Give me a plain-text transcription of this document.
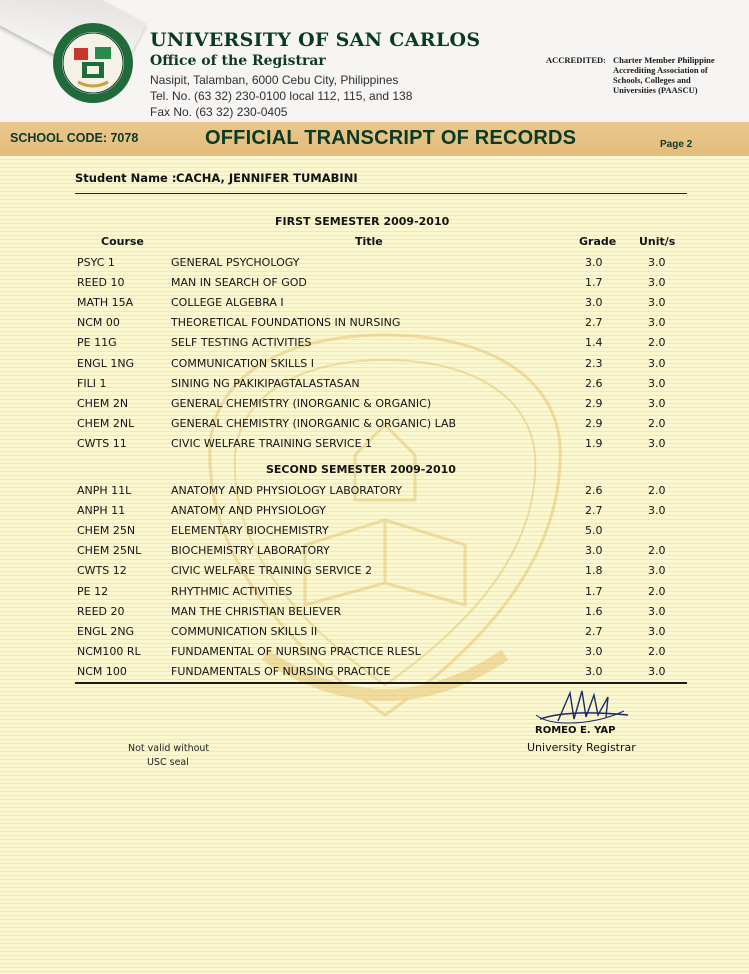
UNIVERSITY OF SAN CARLOS
Office of the Registrar
Nasipit, Talamban, 6000 Cebu City, Philippines
Tel. No. (63 32) 230-0100 local 112, 115, and 138
Fax No. (63 32) 230-0405
ACCREDITED: Charter Member Philippine
Accrediting Association of
Schools, Colleges and
Universities (PAASCU)
SCHOOL CODE: 7078	OFFICIAL TRANSCRIPT OF RECORDS	Page 2
Student Name : CACHA, JENNIFER TUMABINI
FIRST SEMESTER 2009-2010
Course	Title	Grade Unit/s
PSYC 1	GENERAL PSYCHOLOGY	3.0	3.0
REED 10	MAN IN SEARCH OF GOD	1.7	3.0
MATH 15A	COLLEGE ALGEBRA I	3.0	3.0
NCM 00	THEORETICAL FOUNDATIONS IN NURSING	2.7	3.0
PE 11G	SELF TESTING ACTIVITIES	1.4	2.0
ENGL 1NG	COMMUNICATION SKILLS I	2.3	3.0
FILI 1	SINING NG PAKIKIPAGTALASTASAN	2.6	3.0
CHEM 2N	GENERAL CHEMISTRY (INORGANIC & ORGANIC)	2.9	3.0
CHEM 2NL	GENERAL CHEMISTRY (INORGANIC & ORGANIC) LAB	2.9	2.0
CWTS 11	CIVIC WELFARE TRAINING SERVICE 1	1.9	3.0
SECOND SEMESTER 2009-2010
ANPH 11L	ANATOMY AND PHYSIOLOGY LABORATORY	2.6	2.0
ANPH 11	ANATOMY AND PHYSIOLOGY	2.7	3.0
CHEM 25N	ELEMENTARY BIOCHEMISTRY	5.0
CHEM 25NL	BIOCHEMISTRY LABORATORY	3.0	2.0
CWTS 12	CIVIC WELFARE TRAINING SERVICE 2	1.8	3.0
PE 12	RHYTHMIC ACTIVITIES	1.7	2.0
REED 20	MAN THE CHRISTIAN BELIEVER	1.6	3.0
ENGL 2NG	COMMUNICATION SKILLS II	2.7	3.0
NCM100 RL	FUNDAMENTAL OF NURSING PRACTICE RLESL	3.0	2.0
NCM 100	FUNDAMENTALS OF NURSING PRACTICE	3.0	3.0
ROMEO E. YAP
University Registrar
Not valid without
USC seal
